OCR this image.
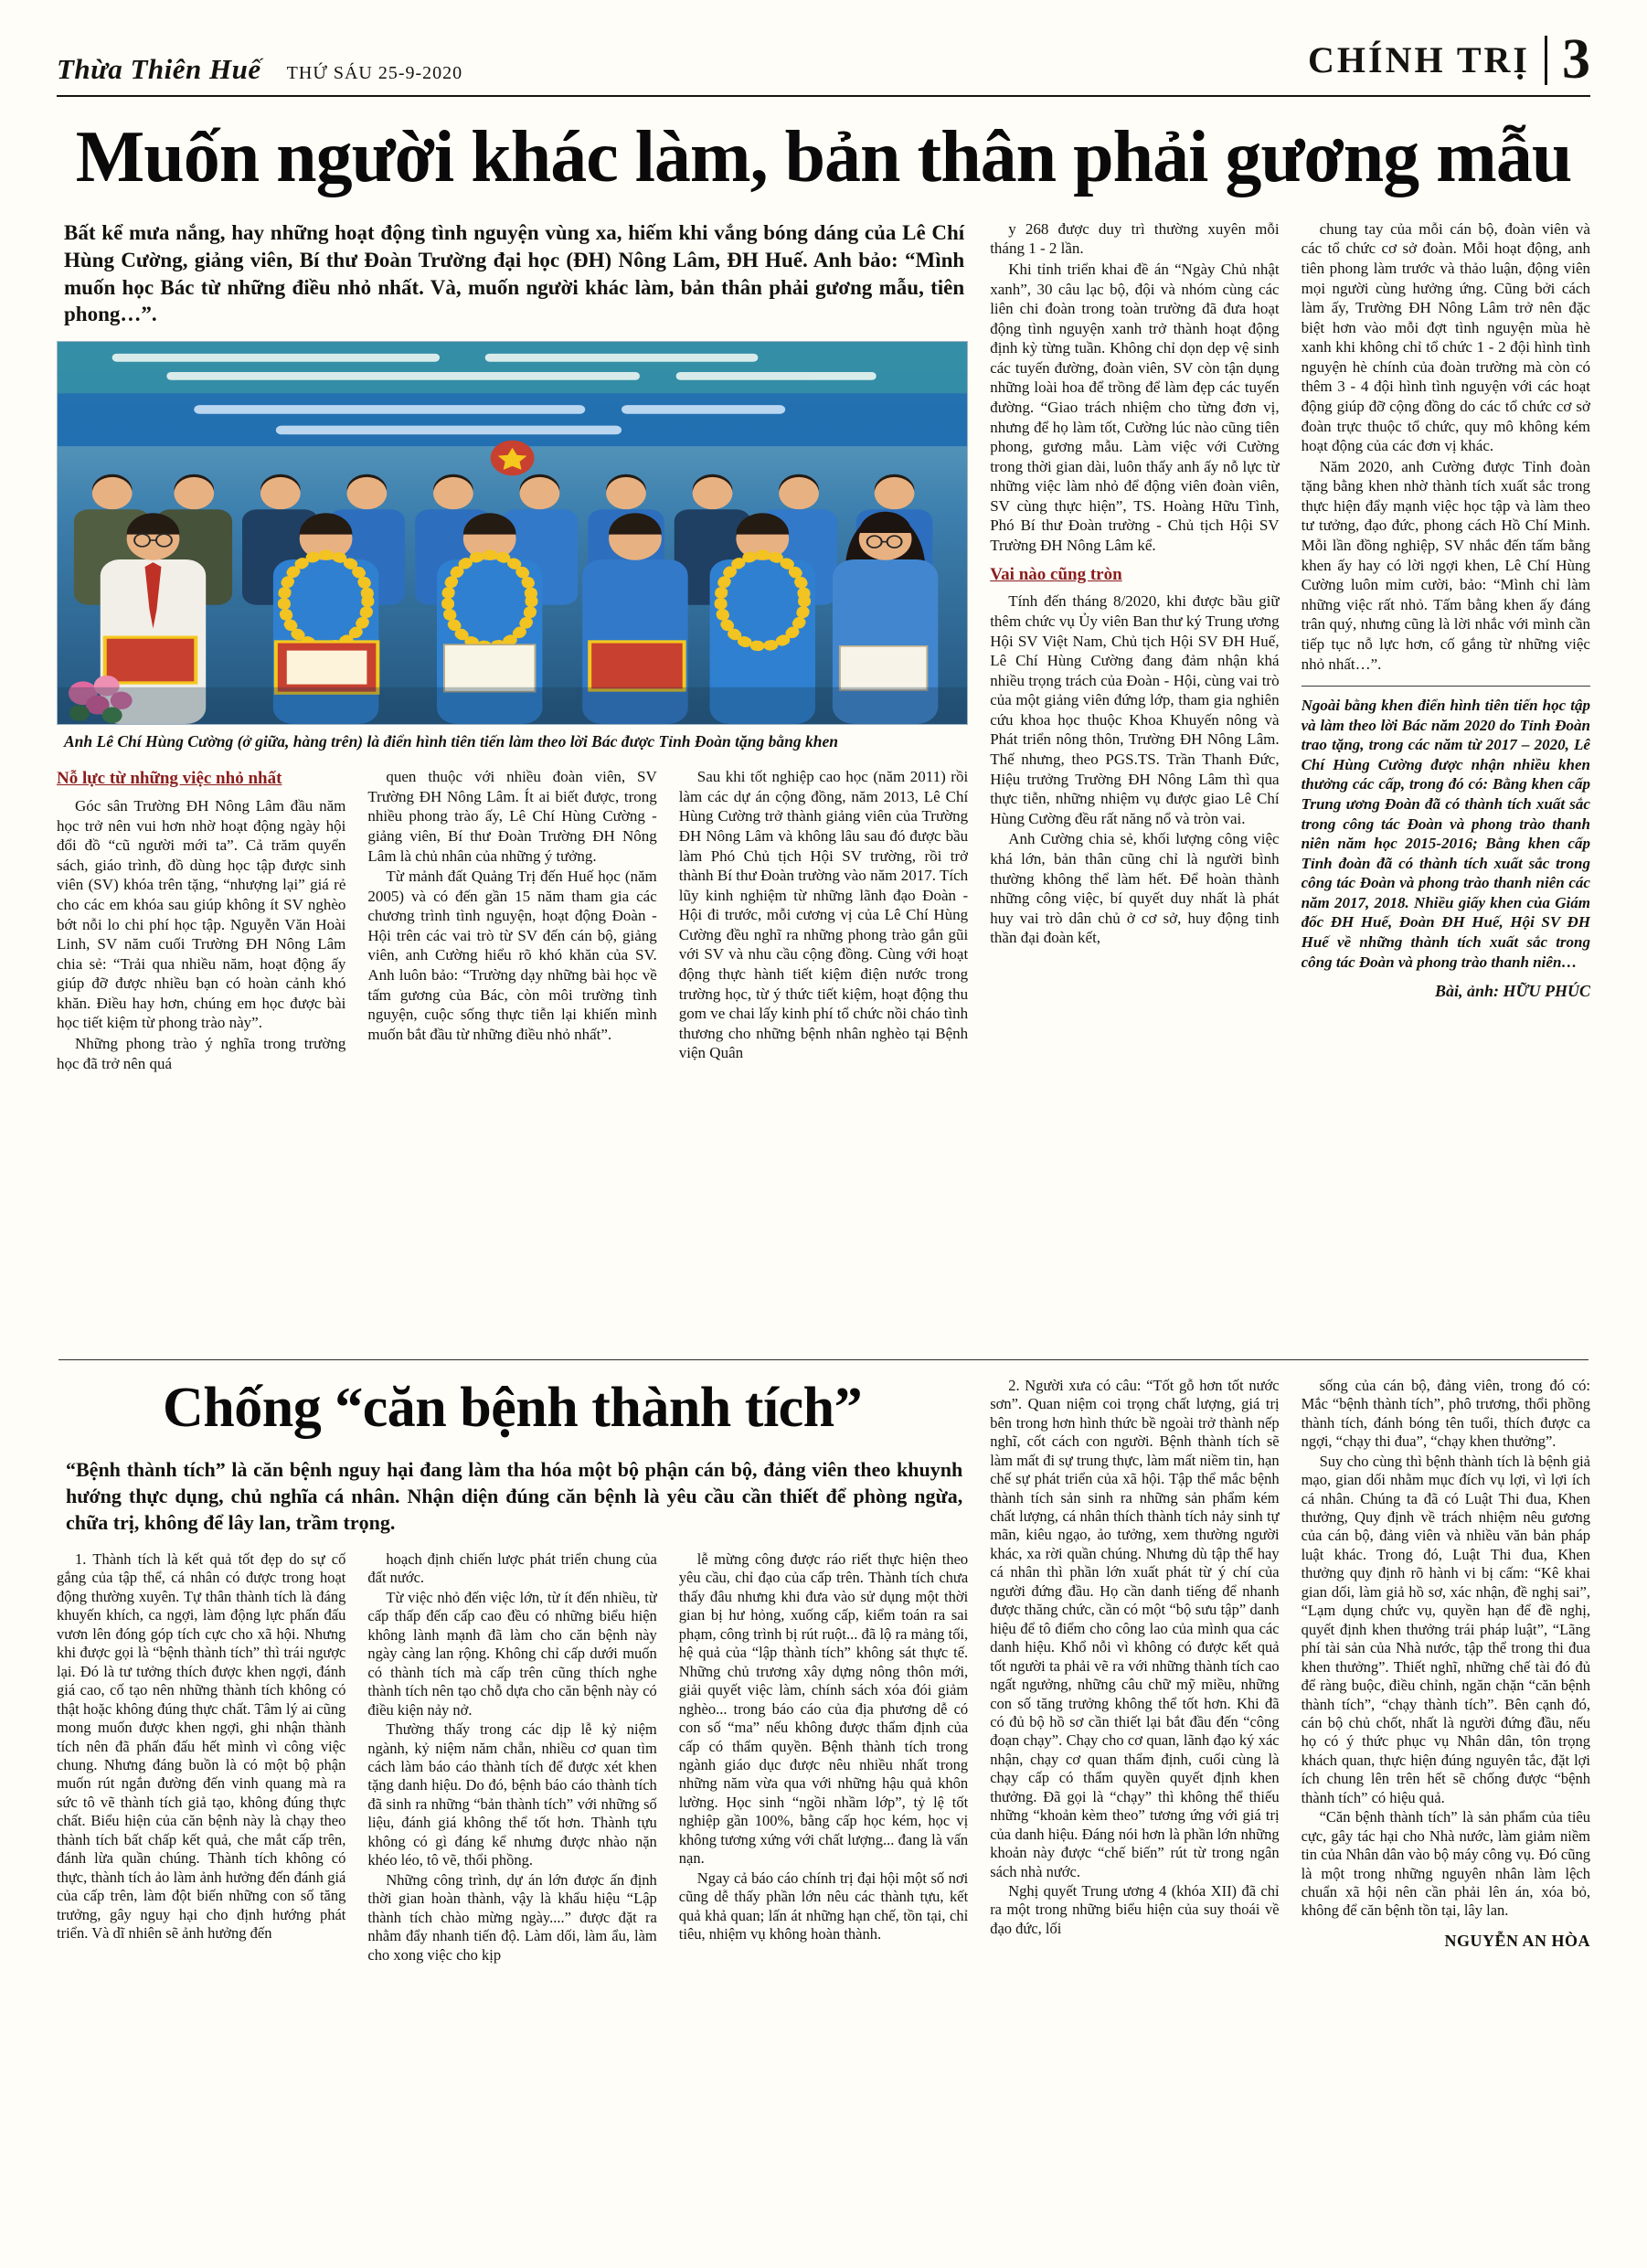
Thừa Thiên Huế THỨ SÁU 25-9-2020	CHÍNH TRỊ 3
Muốn người khác làm, bản thân phải gương mẫu

Bất kể mưa nắng, hay những hoạt động tình nguyện vùng xa, hiếm khi vắng bóng dáng của Lê Chí Hùng Cường, giảng viên, Bí thư Đoàn Trường đại học (ĐH) Nông Lâm, ĐH Huế. Anh bảo: “Mình muốn học Bác từ những điều nhỏ nhất. Và, muốn người khác làm, bản thân phải gương mẫu, tiên phong…”.

Anh Lê Chí Hùng Cường (ở giữa, hàng trên) là điển hình tiên tiến làm theo lời Bác được Tỉnh Đoàn tặng bằng khen

Nỗ lực từ những việc nhỏ nhất

Góc sân Trường ĐH Nông Lâm đầu năm học trở nên vui hơn nhờ hoạt động ngày hội đổi đồ “cũ người mới ta”. Cả trăm quyển sách, giáo trình, đồ dùng học tập được sinh viên (SV) khóa trên tặng, “nhượng lại” giá rẻ cho các em khóa sau giúp không ít SV nghèo bớt nỗi lo chi phí học tập. Nguyễn Văn Hoài Linh, SV năm cuối Trường ĐH Nông Lâm chia sẻ: “Trải qua nhiều năm, hoạt động ấy giúp đỡ được nhiều bạn có hoàn cảnh khó khăn. Điều hay hơn, chúng em học được bài học tiết kiệm từ phong trào này”.

Những phong trào ý nghĩa trong trường học đã trở nên quá

quen thuộc với nhiều đoàn viên, SV Trường ĐH Nông Lâm. Ít ai biết được, trong nhiều phong trào ấy, Lê Chí Hùng Cường - giảng viên, Bí thư Đoàn Trường ĐH Nông Lâm là chủ nhân của những ý tưởng.

Từ mảnh đất Quảng Trị đến Huế học (năm 2005) và có đến gần 15 năm tham gia các chương trình tình nguyện, hoạt động Đoàn - Hội trên các vai trò từ SV đến cán bộ, giảng viên, anh Cường hiểu rõ khó khăn của SV. Anh luôn bảo: “Trường dạy những bài học về tấm gương của Bác, còn môi trường tình nguyện, cuộc sống thực tiễn lại khiến mình muốn bắt đầu từ những điều nhỏ nhất”.

Sau khi tốt nghiệp cao học (năm 2011) rồi làm các dự án cộng đồng, năm 2013, Lê Chí Hùng Cường trở thành giảng viên của Trường ĐH Nông Lâm và không lâu sau đó được bầu làm Phó Chủ tịch Hội SV trường, rồi trở thành Bí thư Đoàn trường vào năm 2017. Tích lũy kinh nghiệm từ những lãnh đạo Đoàn - Hội đi trước, mỗi cương vị của Lê Chí Hùng Cường đều nghĩ ra những phong trào gắn gũi với SV và nhu cầu cộng đồng. Cùng với hoạt động thực hành tiết kiệm điện nước trong trường học, từ ý thức tiết kiệm, hoạt động thu gom ve chai lấy kinh phí tổ chức nồi cháo tình thương cho những bệnh nhân nghèo tại Bệnh viện Quân

y 268 được duy trì thường xuyên mỗi tháng 1 - 2 lần.

Khi tỉnh triển khai đề án “Ngày Chủ nhật xanh”, 30 câu lạc bộ, đội và nhóm cùng các liên chi đoàn trong toàn trường đã đưa hoạt động tình nguyện xanh trở thành hoạt động định kỳ từng tuần. Không chỉ dọn dẹp vệ sinh các tuyến đường, đoàn viên, SV còn tận dụng những loài hoa để trồng để làm đẹp các tuyến đường. “Giao trách nhiệm cho từng đơn vị, nhưng để họ làm tốt, Cường lúc nào cũng tiên phong, gương mẫu. Làm việc với Cường trong thời gian dài, luôn thấy anh ấy nỗ lực từ những việc làm nhỏ để động viên đoàn viên, SV cùng thực hiện”, TS. Hoàng Hữu Tình, Phó Bí thư Đoàn trường - Chủ tịch Hội SV Trường ĐH Nông Lâm kể.

Vai nào cũng tròn

Tính đến tháng 8/2020, khi được bầu giữ thêm chức vụ Ủy viên Ban thư ký Trung ương Hội SV Việt Nam, Chủ tịch Hội SV ĐH Huế, Lê Chí Hùng Cường đang đảm nhận khá nhiều trọng trách của Đoàn - Hội, cùng vai trò của một giảng viên đứng lớp, tham gia nghiên cứu khoa học thuộc Khoa Khuyến nông và Phát triển nông thôn, Trường ĐH Nông Lâm. Thế nhưng, theo PGS.TS. Trần Thanh Đức, Hiệu trưởng Trường ĐH Nông Lâm thì qua thực tiễn, những nhiệm vụ được giao Lê Chí Hùng Cường đều rất năng nổ và tròn vai.

Anh Cường chia sẻ, khối lượng công việc khá lớn, bản thân cũng chỉ là người bình thường không thể làm hết. Để hoàn thành những công việc, bí quyết duy nhất là phát huy vai trò dân chủ ở cơ sở, huy động tinh thần đại đoàn kết,

chung tay của mỗi cán bộ, đoàn viên và các tổ chức cơ sở đoàn. Mỗi hoạt động, anh tiên phong làm trước và thảo luận, động viên mọi người cùng hưởng ứng. Cũng bởi cách làm ấy, Trường ĐH Nông Lâm trở nên đặc biệt hơn vào mỗi đợt tình nguyện mùa hè xanh khi không chỉ tổ chức 1 - 2 đội hình tình nguyện hè chính của đoàn trường mà còn có thêm 3 - 4 đội hình tình nguyện với các hoạt động giúp đỡ cộng đồng do các tổ chức cơ sở đoàn trực thuộc tổ chức, quy mô không kém hoạt động của các đơn vị khác.

Năm 2020, anh Cường được Tỉnh đoàn tặng bằng khen nhờ thành tích xuất sắc trong thực hiện đẩy mạnh việc học tập và làm theo tư tưởng, đạo đức, phong cách Hồ Chí Minh. Mỗi lần đồng nghiệp, SV nhắc đến tấm bằng khen ấy hay có lời ngợi khen, Lê Chí Hùng Cường luôn mỉm cười, bảo: “Mình chỉ làm những việc rất nhỏ. Tấm bằng khen ấy đáng trân quý, nhưng cũng là lời nhắc với mình cần tiếp tục nỗ lực hơn, cố gắng từ những việc nhỏ nhất…”.

Ngoài bằng khen điển hình tiên tiến học tập và làm theo lời Bác năm 2020 do Tỉnh Đoàn trao tặng, trong các năm từ 2017 – 2020, Lê Chí Hùng Cường được nhận nhiều khen thưởng các cấp, trong đó có: Bằng khen cấp Trung ương Đoàn đã có thành tích xuất sắc trong công tác Đoàn và phong trào thanh niên năm học 2015-2016; Bằng khen cấp Tỉnh đoàn đã có thành tích xuất sắc trong công tác Đoàn và phong trào thanh niên các năm 2017, 2018. Nhiều giấy khen của Giám đốc ĐH Huế, Đoàn ĐH Huế, Hội SV ĐH Huế về những thành tích xuất sắc trong công tác Đoàn và phong trào thanh niên…

Bài, ảnh: HỮU PHÚC

Chống “căn bệnh thành tích”

“Bệnh thành tích” là căn bệnh nguy hại đang làm tha hóa một bộ phận cán bộ, đảng viên theo khuynh hướng thực dụng, chủ nghĩa cá nhân. Nhận diện đúng căn bệnh là yêu cầu cần thiết để phòng ngừa, chữa trị, không để lây lan, trầm trọng.

1. Thành tích là kết quả tốt đẹp do sự cố gắng của tập thể, cá nhân có được trong hoạt động thường xuyên. Tự thân thành tích là đáng khuyến khích, ca ngợi, làm động lực phấn đấu vươn lên đóng góp tích cực cho xã hội. Nhưng khi được gọi là “bệnh thành tích” thì trái ngược lại. Đó là tư tưởng thích được khen ngợi, đánh giá cao, cố tạo nên những thành tích không có thật hoặc không đúng thực chất. Tâm lý ai cũng mong muốn được khen ngợi, ghi nhận thành tích nên đã phấn đấu hết mình vì công việc chung. Nhưng đáng buồn là có một bộ phận muốn rút ngắn đường đến vinh quang mà ra sức tô vẽ thành tích giả tạo, không đúng thực chất. Biểu hiện của căn bệnh này là chạy theo thành tích bất chấp kết quả, che mắt cấp trên, đánh lừa quần chúng. Thành tích không có thực, thành tích ảo làm ảnh hưởng đến đánh giá của cấp trên, làm đột biến những con số tăng trưởng, gây nguy hại cho định hướng phát triển. Và dĩ nhiên sẽ ảnh hưởng đến

hoạch định chiến lược phát triển chung của đất nước.

Từ việc nhỏ đến việc lớn, từ ít đến nhiều, từ cấp thấp đến cấp cao đều có những biểu hiện không lành mạnh đã làm cho căn bệnh này ngày càng lan rộng. Không chỉ cấp dưới muốn có thành tích mà cấp trên cũng thích nghe thành tích nên tạo chỗ dựa cho căn bệnh này có điều kiện nảy nở.

Thường thấy trong các dịp lễ kỷ niệm ngành, kỷ niệm năm chẵn, nhiều cơ quan tìm cách làm báo cáo thành tích để được xét khen tặng danh hiệu. Do đó, bệnh báo cáo thành tích đã sinh ra những “bản thành tích” với những số liệu, đánh giá không thể tốt hơn. Thành tựu không có gì đáng kể nhưng được nhào nặn khéo léo, tô vẽ, thổi phồng.

Những công trình, dự án lớn được ấn định thời gian hoàn thành, vậy là khẩu hiệu “Lập thành tích chào mừng ngày....” được đặt ra nhằm đẩy nhanh tiến độ. Làm dối, làm ẩu, làm cho xong việc cho kịp

lễ mừng công được ráo riết thực hiện theo yêu cầu, chỉ đạo của cấp trên. Thành tích chưa thấy đâu nhưng khi đưa vào sử dụng một thời gian bị hư hỏng, xuống cấp, kiểm toán ra sai phạm, công trình bị rút ruột... đã lộ ra mảng tối, hệ quả của “lập thành tích” không sát thực tế. Những chủ trương xây dựng nông thôn mới, giải quyết việc làm, chính sách xóa đói giảm nghèo... trong báo cáo của địa phương dễ có con số “ma” nếu không được thẩm định của cấp có thẩm quyền. Bệnh thành tích trong ngành giáo dục được nêu nhiều nhất trong những năm vừa qua với những hậu quả khôn lường. Học sinh “ngồi nhầm lớp”, tỷ lệ tốt nghiệp gần 100%, bằng cấp học kém, học vị không tương xứng với chất lượng... đang là vấn nạn.

Ngay cả báo cáo chính trị đại hội một số nơi cũng dễ thấy phần lớn nêu các thành tựu, kết quả khả quan; lấn át những hạn chế, tồn tại, chỉ tiêu, nhiệm vụ không hoàn thành.

2. Người xưa có câu: “Tốt gỗ hơn tốt nước sơn”. Quan niệm coi trọng chất lượng, giá trị bên trong hơn hình thức bề ngoài trở thành nếp nghĩ, cốt cách con người. Bệnh thành tích sẽ làm mất đi sự trung thực, làm mất niềm tin, hạn chế sự phát triển của xã hội. Tập thể mắc bệnh thành tích sản sinh ra những sản phẩm kém chất lượng, cá nhân thích thành tích nảy sinh tự mãn, kiêu ngạo, ảo tưởng, xem thường người khác, xa rời quần chúng. Nhưng dù tập thể hay cá nhân thì phần lớn xuất phát từ ý chí của người đứng đầu. Họ cần danh tiếng để nhanh được thăng chức, cần có một “bộ sưu tập” danh hiệu để tô điểm cho công lao của mình qua các danh hiệu. Khổ nỗi vì không có được kết quả tốt người ta phải vẽ ra với những thành tích cao ngất ngưởng, những câu chữ mỹ miều, những con số tăng trưởng không thể tốt hơn. Khi đã có đủ bộ hồ sơ cần thiết lại bắt đầu đến “công đoạn chạy”. Chạy cho cơ quan, lãnh đạo ký xác nhận, chạy cơ quan thẩm định, cuối cùng là chạy cấp có thẩm quyền quyết định khen thưởng. Đã gọi là “chạy” thì không thể thiếu những “khoản kèm theo” tương ứng với giá trị của danh hiệu. Đáng nói hơn là phần lớn những khoản này được “chế biến” rút từ trong ngân sách nhà nước.

Nghị quyết Trung ương 4 (khóa XII) đã chỉ ra một trong những biểu hiện của suy thoái về đạo đức, lối

sống của cán bộ, đảng viên, trong đó có: Mắc “bệnh thành tích”, phô trương, thổi phồng thành tích, đánh bóng tên tuổi, thích được ca ngợi, “chạy thi đua”, “chạy khen thưởng”.

Suy cho cùng thì bệnh thành tích là bệnh giả mạo, gian dối nhằm mục đích vụ lợi, vì lợi ích cá nhân. Chúng ta đã có Luật Thi đua, Khen thưởng, Quy định về trách nhiệm nêu gương của cán bộ, đảng viên và nhiều văn bản pháp luật khác. Trong đó, Luật Thi đua, Khen thưởng quy định rõ hành vi bị cấm: “Kê khai gian dối, làm giả hồ sơ, xác nhận, đề nghị sai”, “Lạm dụng chức vụ, quyền hạn để đề nghị, quyết định khen thưởng trái pháp luật”, “Lãng phí tài sản của Nhà nước, tập thể trong thi đua khen thưởng”. Thiết nghĩ, những chế tài đó đủ để ràng buộc, điều chỉnh, ngăn chặn “căn bệnh thành tích”, “chạy thành tích”. Bên cạnh đó, cán bộ chủ chốt, nhất là người đứng đầu, nếu họ có ý thức phục vụ Nhân dân, tôn trọng khách quan, thực hiện đúng nguyên tắc, đặt lợi ích chung lên trên hết sẽ chống được “bệnh thành tích” có hiệu quả.

“Căn bệnh thành tích” là sản phẩm của tiêu cực, gây tác hại cho Nhà nước, làm giảm niềm tin của Nhân dân vào bộ máy công vụ. Đó cũng là một trong những nguyên nhân làm lệch chuẩn xã hội nên cần phải lên án, xóa bỏ, không để căn bệnh tồn tại, lây lan.

NGUYỄN AN HÒA
